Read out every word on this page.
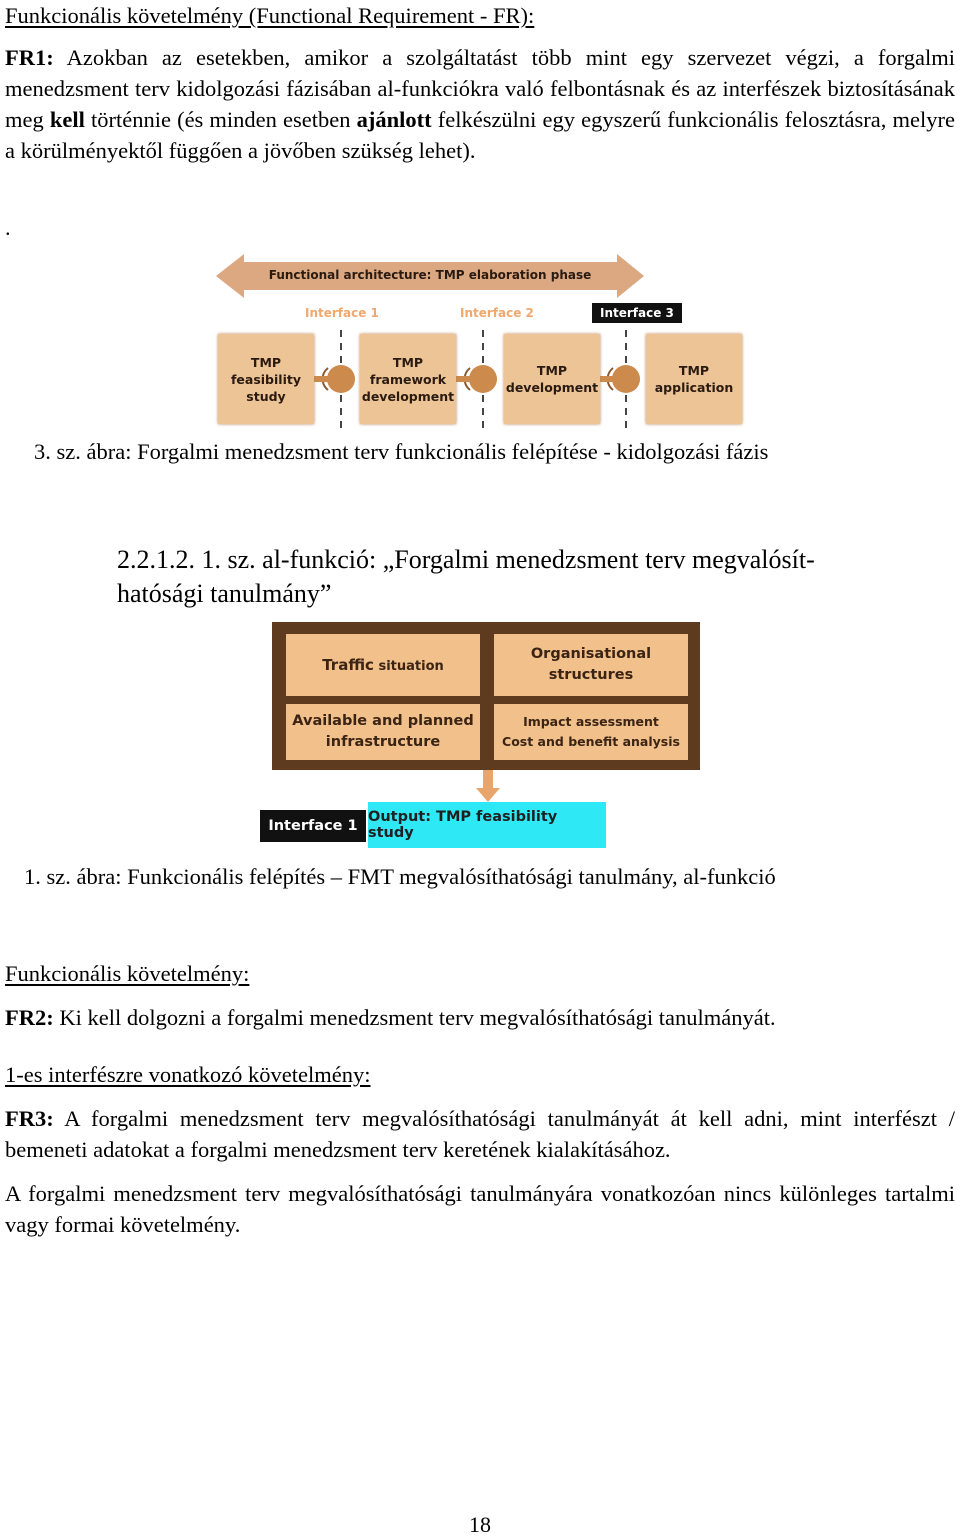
Funkcionális követelmény (Functional Requirement - FR):
FR1: Azokban az esetekben, amikor a szolgáltatást több mint egy szervezet végzi, a forgalmi menedzsment terv kidolgozási fázisában al-funkciókra való felbontásnak és az interfészek biztosításának meg kell történnie (és minden esetben ajánlott felkészülni egy egyszerű funkcionális felosztásra, melyre a körülményektől függően a jövőben szükség lehet).
.
Functional architecture: TMP elaboration phase
Interface 1	Interface 2	Interface 3
TMP
feasibility
study
TMP
framework
development
TMP
development
TMP
application
3. sz. ábra: Forgalmi menedzsment terv funkcionális felépítése - kidolgozási fázis
2.2.1.2. 1. sz. al-funkció: „Forgalmi menedzsment terv megvalósít-
hatósági tanulmány”
Traffic situation
Organisational
structures
Available and planned
infrastructure
Impact assessment
Cost and benefit analysis
Interface 1
Output: TMP feasibility study
1. sz. ábra: Funkcionális felépítés – FMT megvalósíthatósági tanulmány, al-funkció
Funkcionális követelmény:
FR2: Ki kell dolgozni a forgalmi menedzsment terv megvalósíthatósági tanulmányát.
1-es interfészre vonatkozó követelmény:
FR3: A forgalmi menedzsment terv megvalósíthatósági tanulmányát át kell adni, mint interfészt / bemeneti adatokat a forgalmi menedzsment terv keretének kialakításához.
A forgalmi menedzsment terv megvalósíthatósági tanulmányára vonatkozóan nincs különleges tartalmi vagy formai követelmény.
18
